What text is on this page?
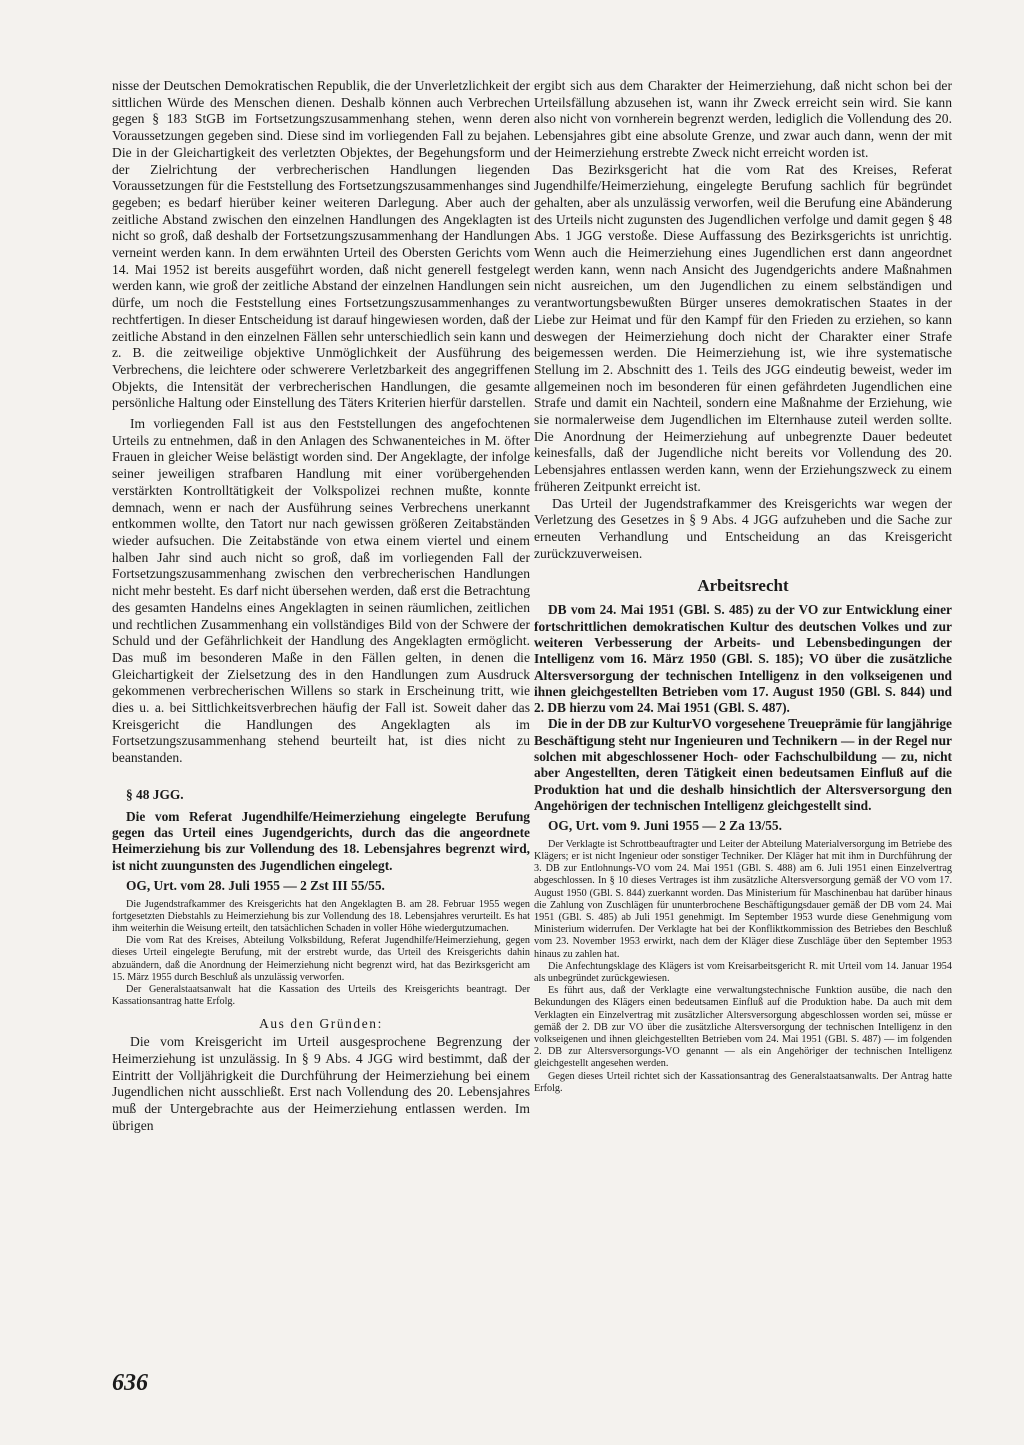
nisse der Deutschen Demokratischen Republik, die der Unverletzlichkeit der sittlichen Würde des Menschen dienen. Deshalb können auch Verbrechen gegen § 183 StGB im Fortsetzungszusammenhang stehen, wenn deren Voraussetzungen gegeben sind. Diese sind im vorliegenden Fall zu bejahen. Die in der Gleichartigkeit des verletzten Objektes, der Begehungsform und der Zielrichtung der verbrecherischen Handlungen liegenden Voraussetzungen für die Feststellung des Fortsetzungszusammenhanges sind gegeben; es bedarf hierüber keiner weiteren Darlegung. Aber auch der zeitliche Abstand zwischen den einzelnen Handlungen des Angeklagten ist nicht so groß, daß deshalb der Fortsetzungszusammenhang der Handlungen verneint werden kann. In dem erwähnten Urteil des Obersten Gerichts vom 14. Mai 1952 ist bereits ausgeführt worden, daß nicht generell festgelegt werden kann, wie groß der zeitliche Abstand der einzelnen Handlungen sein dürfe, um noch die Feststellung eines Fortsetzungszusammenhanges zu rechtfertigen. In dieser Entscheidung ist darauf hingewiesen worden, daß der zeitliche Abstand in den einzelnen Fällen sehr unterschiedlich sein kann und z. B. die zeitweilige objektive Unmöglichkeit der Ausführung des Verbrechens, die leichtere oder schwerere Verletzbarkeit des angegriffenen Objekts, die Intensität der verbrecherischen Handlungen, die gesamte persönliche Haltung oder Einstellung des Täters Kriterien hierfür darstellen.

Im vorliegenden Fall ist aus den Feststellungen des angefochtenen Urteils zu entnehmen, daß in den Anlagen des Schwanenteiches in M. öfter Frauen in gleicher Weise belästigt worden sind. Der Angeklagte, der infolge seiner jeweiligen strafbaren Handlung mit einer vorübergehenden verstärkten Kontrolltätigkeit der Volkspolizei rechnen mußte, konnte demnach, wenn er nach der Ausführung seines Verbrechens unerkannt entkommen wollte, den Tatort nur nach gewissen größeren Zeitabständen wieder aufsuchen. Die Zeitabstände von etwa einem viertel und einem halben Jahr sind auch nicht so groß, daß im vorliegenden Fall der Fortsetzungszusammenhang zwischen den verbrecherischen Handlungen nicht mehr besteht. Es darf nicht übersehen werden, daß erst die Betrachtung des gesamten Handelns eines Angeklagten in seinen räumlichen, zeitlichen und rechtlichen Zusammenhang ein vollständiges Bild von der Schwere der Schuld und der Gefährlichkeit der Handlung des Angeklagten ermöglicht. Das muß im besonderen Maße in den Fällen gelten, in denen die Gleichartigkeit der Zielsetzung des in den Handlungen zum Ausdruck gekommenen verbrecherischen Willens so stark in Erscheinung tritt, wie dies u. a. bei Sittlichkeitsverbrechen häufig der Fall ist. Soweit daher das Kreisgericht die Handlungen des Angeklagten als im Fortsetzungszusammenhang stehend beurteilt hat, ist dies nicht zu beanstanden.

§ 48 JGG.

Die vom Referat Jugendhilfe/Heimerziehung eingelegte Berufung gegen das Urteil eines Jugendgerichts, durch das die angeordnete Heimerziehung bis zur Vollendung des 18. Lebensjahres begrenzt wird, ist nicht zuungunsten des Jugendlichen eingelegt.

OG, Urt. vom 28. Juli 1955 — 2 Zst III 55/55.

Die Jugendstrafkammer des Kreisgerichts hat den Angeklagten B. am 28. Februar 1955 wegen fortgesetzten Diebstahls zu Heimerziehung bis zur Vollendung des 18. Lebensjahres verurteilt. Es hat ihm weiterhin die Weisung erteilt, den tatsächlichen Schaden in voller Höhe wiedergutzumachen.

Die vom Rat des Kreises, Abteilung Volksbildung, Referat Jugendhilfe/Heimerziehung, gegen dieses Urteil eingelegte Berufung, mit der erstrebt wurde, das Urteil des Kreisgerichts dahin abzuändern, daß die Anordnung der Heimerziehung nicht begrenzt wird, hat das Bezirksgericht am 15. März 1955 durch Beschluß als unzulässig verworfen.

Der Generalstaatsanwalt hat die Kassation des Urteils des Kreisgerichts beantragt. Der Kassationsantrag hatte Erfolg.

Aus den Gründen:

Die vom Kreisgericht im Urteil ausgesprochene Begrenzung der Heimerziehung ist unzulässig. In § 9 Abs. 4 JGG wird bestimmt, daß der Eintritt der Volljährigkeit die Durchführung der Heimerziehung bei einem Jugendlichen nicht ausschließt. Erst nach Vollendung des 20. Lebensjahres muß der Untergebrachte aus der Heimerziehung entlassen werden. Im übrigen

ergibt sich aus dem Charakter der Heimerziehung, daß nicht schon bei der Urteilsfällung abzusehen ist, wann ihr Zweck erreicht sein wird. Sie kann also nicht von vornherein begrenzt werden, lediglich die Vollendung des 20. Lebensjahres gibt eine absolute Grenze, und zwar auch dann, wenn der mit der Heimerziehung erstrebte Zweck nicht erreicht worden ist.

Das Bezirksgericht hat die vom Rat des Kreises, Referat Jugendhilfe/Heimerziehung, eingelegte Berufung sachlich für begründet gehalten, aber als unzulässig verworfen, weil die Berufung eine Abänderung des Urteils nicht zugunsten des Jugendlichen verfolge und damit gegen § 48 Abs. 1 JGG verstoße. Diese Auffassung des Bezirksgerichts ist unrichtig. Wenn auch die Heimerziehung eines Jugendlichen erst dann angeordnet werden kann, wenn nach Ansicht des Jugendgerichts andere Maßnahmen nicht ausreichen, um den Jugendlichen zu einem selbständigen und verantwortungsbewußten Bürger unseres demokratischen Staates in der Liebe zur Heimat und für den Kampf für den Frieden zu erziehen, so kann deswegen der Heimerziehung doch nicht der Charakter einer Strafe beigemessen werden. Die Heimerziehung ist, wie ihre systematische Stellung im 2. Abschnitt des 1. Teils des JGG eindeutig beweist, weder im allgemeinen noch im besonderen für einen gefährdeten Jugendlichen eine Strafe und damit ein Nachteil, sondern eine Maßnahme der Erziehung, wie sie normalerweise dem Jugendlichen im Elternhause zuteil werden sollte. Die Anordnung der Heimerziehung auf unbegrenzte Dauer bedeutet keinesfalls, daß der Jugendliche nicht bereits vor Vollendung des 20. Lebensjahres entlassen werden kann, wenn der Erziehungszweck zu einem früheren Zeitpunkt erreicht ist.

Das Urteil der Jugendstrafkammer des Kreisgerichts war wegen der Verletzung des Gesetzes in § 9 Abs. 4 JGG aufzuheben und die Sache zur erneuten Verhandlung und Entscheidung an das Kreisgericht zurückzuverweisen.

Arbeitsrecht

DB vom 24. Mai 1951 (GBl. S. 485) zu der VO zur Entwicklung einer fortschrittlichen demokratischen Kultur des deutschen Volkes und zur weiteren Verbesserung der Arbeits- und Lebensbedingungen der Intelligenz vom 16. März 1950 (GBl. S. 185); VO über die zusätzliche Altersversorgung der technischen Intelligenz in den volkseigenen und ihnen gleichgestellten Betrieben vom 17. August 1950 (GBl. S. 844) und 2. DB hierzu vom 24. Mai 1951 (GBl. S. 487).

Die in der DB zur KulturVO vorgesehene Treueprämie für langjährige Beschäftigung steht nur Ingenieuren und Technikern — in der Regel nur solchen mit abgeschlossener Hoch- oder Fachschulbildung — zu, nicht aber Angestellten, deren Tätigkeit einen bedeutsamen Einfluß auf die Produktion hat und die deshalb hinsichtlich der Altersversorgung den Angehörigen der technischen Intelligenz gleichgestellt sind.

OG, Urt. vom 9. Juni 1955 — 2 Za 13/55.

Der Verklagte ist Schrottbeauftragter und Leiter der Abteilung Materialversorgung im Betriebe des Klägers; er ist nicht Ingenieur oder sonstiger Techniker. Der Kläger hat mit ihm in Durchführung der 3. DB zur Entlohnungs-VO vom 24. Mai 1951 (GBl. S. 488) am 6. Juli 1951 einen Einzelvertrag abgeschlossen. In § 10 dieses Vertrages ist ihm zusätzliche Altersversorgung gemäß der VO vom 17. August 1950 (GBl. S. 844) zuerkannt worden. Das Ministerium für Maschinenbau hat darüber hinaus die Zahlung von Zuschlägen für ununterbrochene Beschäftigungsdauer gemäß der DB vom 24. Mai 1951 (GBl. S. 485) ab Juli 1951 genehmigt. Im September 1953 wurde diese Genehmigung vom Ministerium widerrufen. Der Verklagte hat bei der Konfliktkommission des Betriebes den Beschluß vom 23. November 1953 erwirkt, nach dem der Kläger diese Zuschläge über den September 1953 hinaus zu zahlen hat.

Die Anfechtungsklage des Klägers ist vom Kreisarbeitsgericht R. mit Urteil vom 14. Januar 1954 als unbegründet zurückgewiesen.

Es führt aus, daß der Verklagte eine verwaltungstechnische Funktion ausübe, die nach den Bekundungen des Klägers einen bedeutsamen Einfluß auf die Produktion habe. Da auch mit dem Verklagten ein Einzelvertrag mit zusätzlicher Altersversorgung abgeschlossen worden sei, müsse er gemäß der 2. DB zur VO über die zusätzliche Altersversorgung der technischen Intelligenz in den volkseigenen und ihnen gleichgestellten Betrieben vom 24. Mai 1951 (GBl. S. 487) — im folgenden 2. DB zur Altersversorgungs-VO genannt — als ein Angehöriger der technischen Intelligenz gleichgestellt angesehen werden.

Gegen dieses Urteil richtet sich der Kassationsantrag des Generalstaatsanwalts. Der Antrag hatte Erfolg.

636
